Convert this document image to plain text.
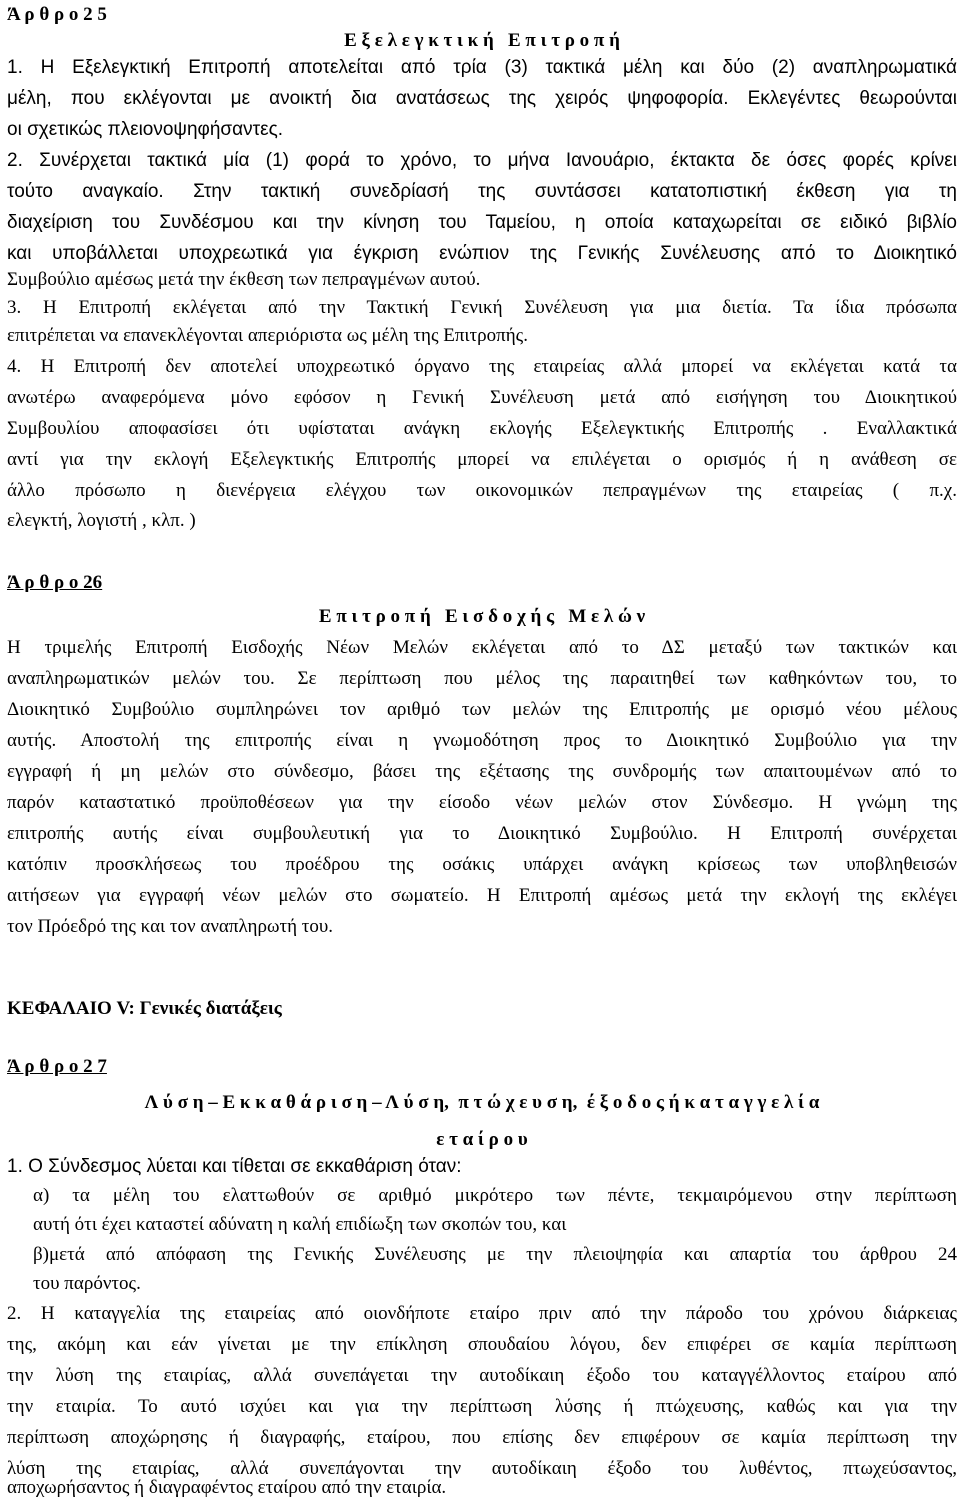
Ά ρ θ ρ ο 2 5
Ε ξ ε λ ε γ κ τ ι κ ή   Ε π ι τ ρ ο π ή
1. Η Εξελεγκτική Επιτροπή αποτελείται από τρία (3) τακτικά μέλη και δύο (2) αναπληρωματικά
μέλη, που εκλέγονται με ανοικτή δια ανατάσεως της χειρός ψηφοφορία. Εκλεγέντες θεωρούνται
οι σχετικώς πλειονοψηφήσαντες.
2. Συνέρχεται τακτικά μία (1) φορά το χρόνο, το μήνα Ιανουάριο, έκτακτα δε όσες φορές κρίνει
τούτο αναγκαίο. Στην τακτική συνεδρίασή της συντάσσει κατατοπιστική έκθεση για τη
διαχείριση του Συνδέσμου και την κίνηση του Ταμείου, η οποία καταχωρείται σε ειδικό βιβλίο
και υποβάλλεται υποχρεωτικά για έγκριση ενώπιον της Γενικής Συνέλευσης από το Διοικητικό
Συμβούλιο αμέσως μετά την έκθεση των πεπραγμένων αυτού.
3. Η Επιτροπή εκλέγεται από την Τακτική Γενική Συνέλευση για μια διετία. Τα ίδια πρόσωπα
επιτρέπεται να επανεκλέγονται απεριόριστα ως μέλη της Επιτροπής.
4. Η Επιτροπή δεν αποτελεί υποχρεωτικό όργανο της εταιρείας αλλά μπορεί να εκλέγεται κατά τα
ανωτέρω αναφερόμενα μόνο εφόσον η Γενική Συνέλευση μετά από εισήγηση του Διοικητικού
Συμβουλίου αποφασίσει ότι υφίσταται ανάγκη εκλογής Εξελεγκτικής Επιτροπής . Εναλλακτικά
αντί για την εκλογή Εξελεγκτικής Επιτροπής μπορεί να επιλέγεται ο ορισμός ή η ανάθεση σε
άλλο πρόσωπο η διενέργεια ελέγχου των οικονομικών πεπραγμένων της εταιρείας ( π.χ.
ελεγκτή, λογιστή , κλπ. )
Ά ρ θ ρ ο 26
Ε π ι τ ρ ο π ή   Ε ι σ δ ο χ ή ς   Μ ε λ ώ ν
Η τριμελής Επιτροπή Εισδοχής Νέων Μελών εκλέγεται από το ΔΣ μεταξύ των τακτικών και
αναπληρωματικών μελών του. Σε περίπτωση που μέλος της παραιτηθεί των καθηκόντων του, το
Διοικητικό Συμβούλιο συμπληρώνει τον αριθμό των μελών της Επιτροπής με ορισμό νέου μέλους
αυτής. Αποστολή της επιτροπής είναι η γνωμοδότηση προς το Διοικητικό Συμβούλιο για την
εγγραφή ή μη μελών στο σύνδεσμο, βάσει της εξέτασης της συνδρομής των απαιτουμένων από το
παρόν καταστατικό προϋποθέσεων για την είσοδο νέων μελών στον Σύνδεσμο. Η γνώμη της
επιτροπής αυτής είναι συμβουλευτική για το Διοικητικό Συμβούλιο. Η Επιτροπή συνέρχεται
κατόπιν προσκλήσεως του προέδρου της οσάκις υπάρχει ανάγκη κρίσεως των υποβληθεισών
αιτήσεων για εγγραφή νέων μελών στο σωματείο. Η Επιτροπή αμέσως μετά την εκλογή της εκλέγει
τον Πρόεδρό της και τον αναπληρωτή του.
ΚΕΦΑΛΑΙΟ V: Γενικές διατάξεις
Ά ρ θ ρ ο 2 7
Λ ύ σ η – Ε κ κ α θ ά ρ ι σ η – Λ ύ σ η,  π τ ώ χ ε υ σ η,  έ ξ ο δ ο ς ή κ α τ α γ γ ε λ ί α
ε τ α ί ρ ο υ
1. Ο Σύνδεσμος λύεται και τίθεται σε εκκαθάριση όταν:
α) τα μέλη του ελαττωθούν σε αριθμό μικρότερο των πέντε, τεκμαιρόμενου στην περίπτωση
αυτή ότι έχει καταστεί αδύνατη η καλή επιδίωξη των σκοπών του, και
β)μετά από απόφαση της Γενικής Συνέλευσης με την πλειοψηφία και απαρτία του άρθρου 24
του παρόντος.
2. Η καταγγελία της εταιρείας από οιονδήποτε εταίρο πριν από την πάροδο του χρόνου διάρκειας
της, ακόμη και εάν γίνεται με την επίκληση σπουδαίου λόγου, δεν επιφέρει σε καμία περίπτωση
την λύση της εταιρίας, αλλά συνεπάγεται την αυτοδίκαιη έξοδο του καταγγέλλοντος εταίρου από
την εταιρία. Το αυτό ισχύει και για την περίπτωση λύσης ή πτώχευσης, καθώς και για την
περίπτωση αποχώρησης ή διαγραφής, εταίρου, που επίσης δεν επιφέρουν σε καμία περίπτωση την
λύση της εταιρίας, αλλά συνεπάγονται την αυτοδίκαιη έξοδο του λυθέντος, πτωχεύσαντος,
αποχωρήσαντος ή διαγραφέντος εταίρου από την εταιρία.
